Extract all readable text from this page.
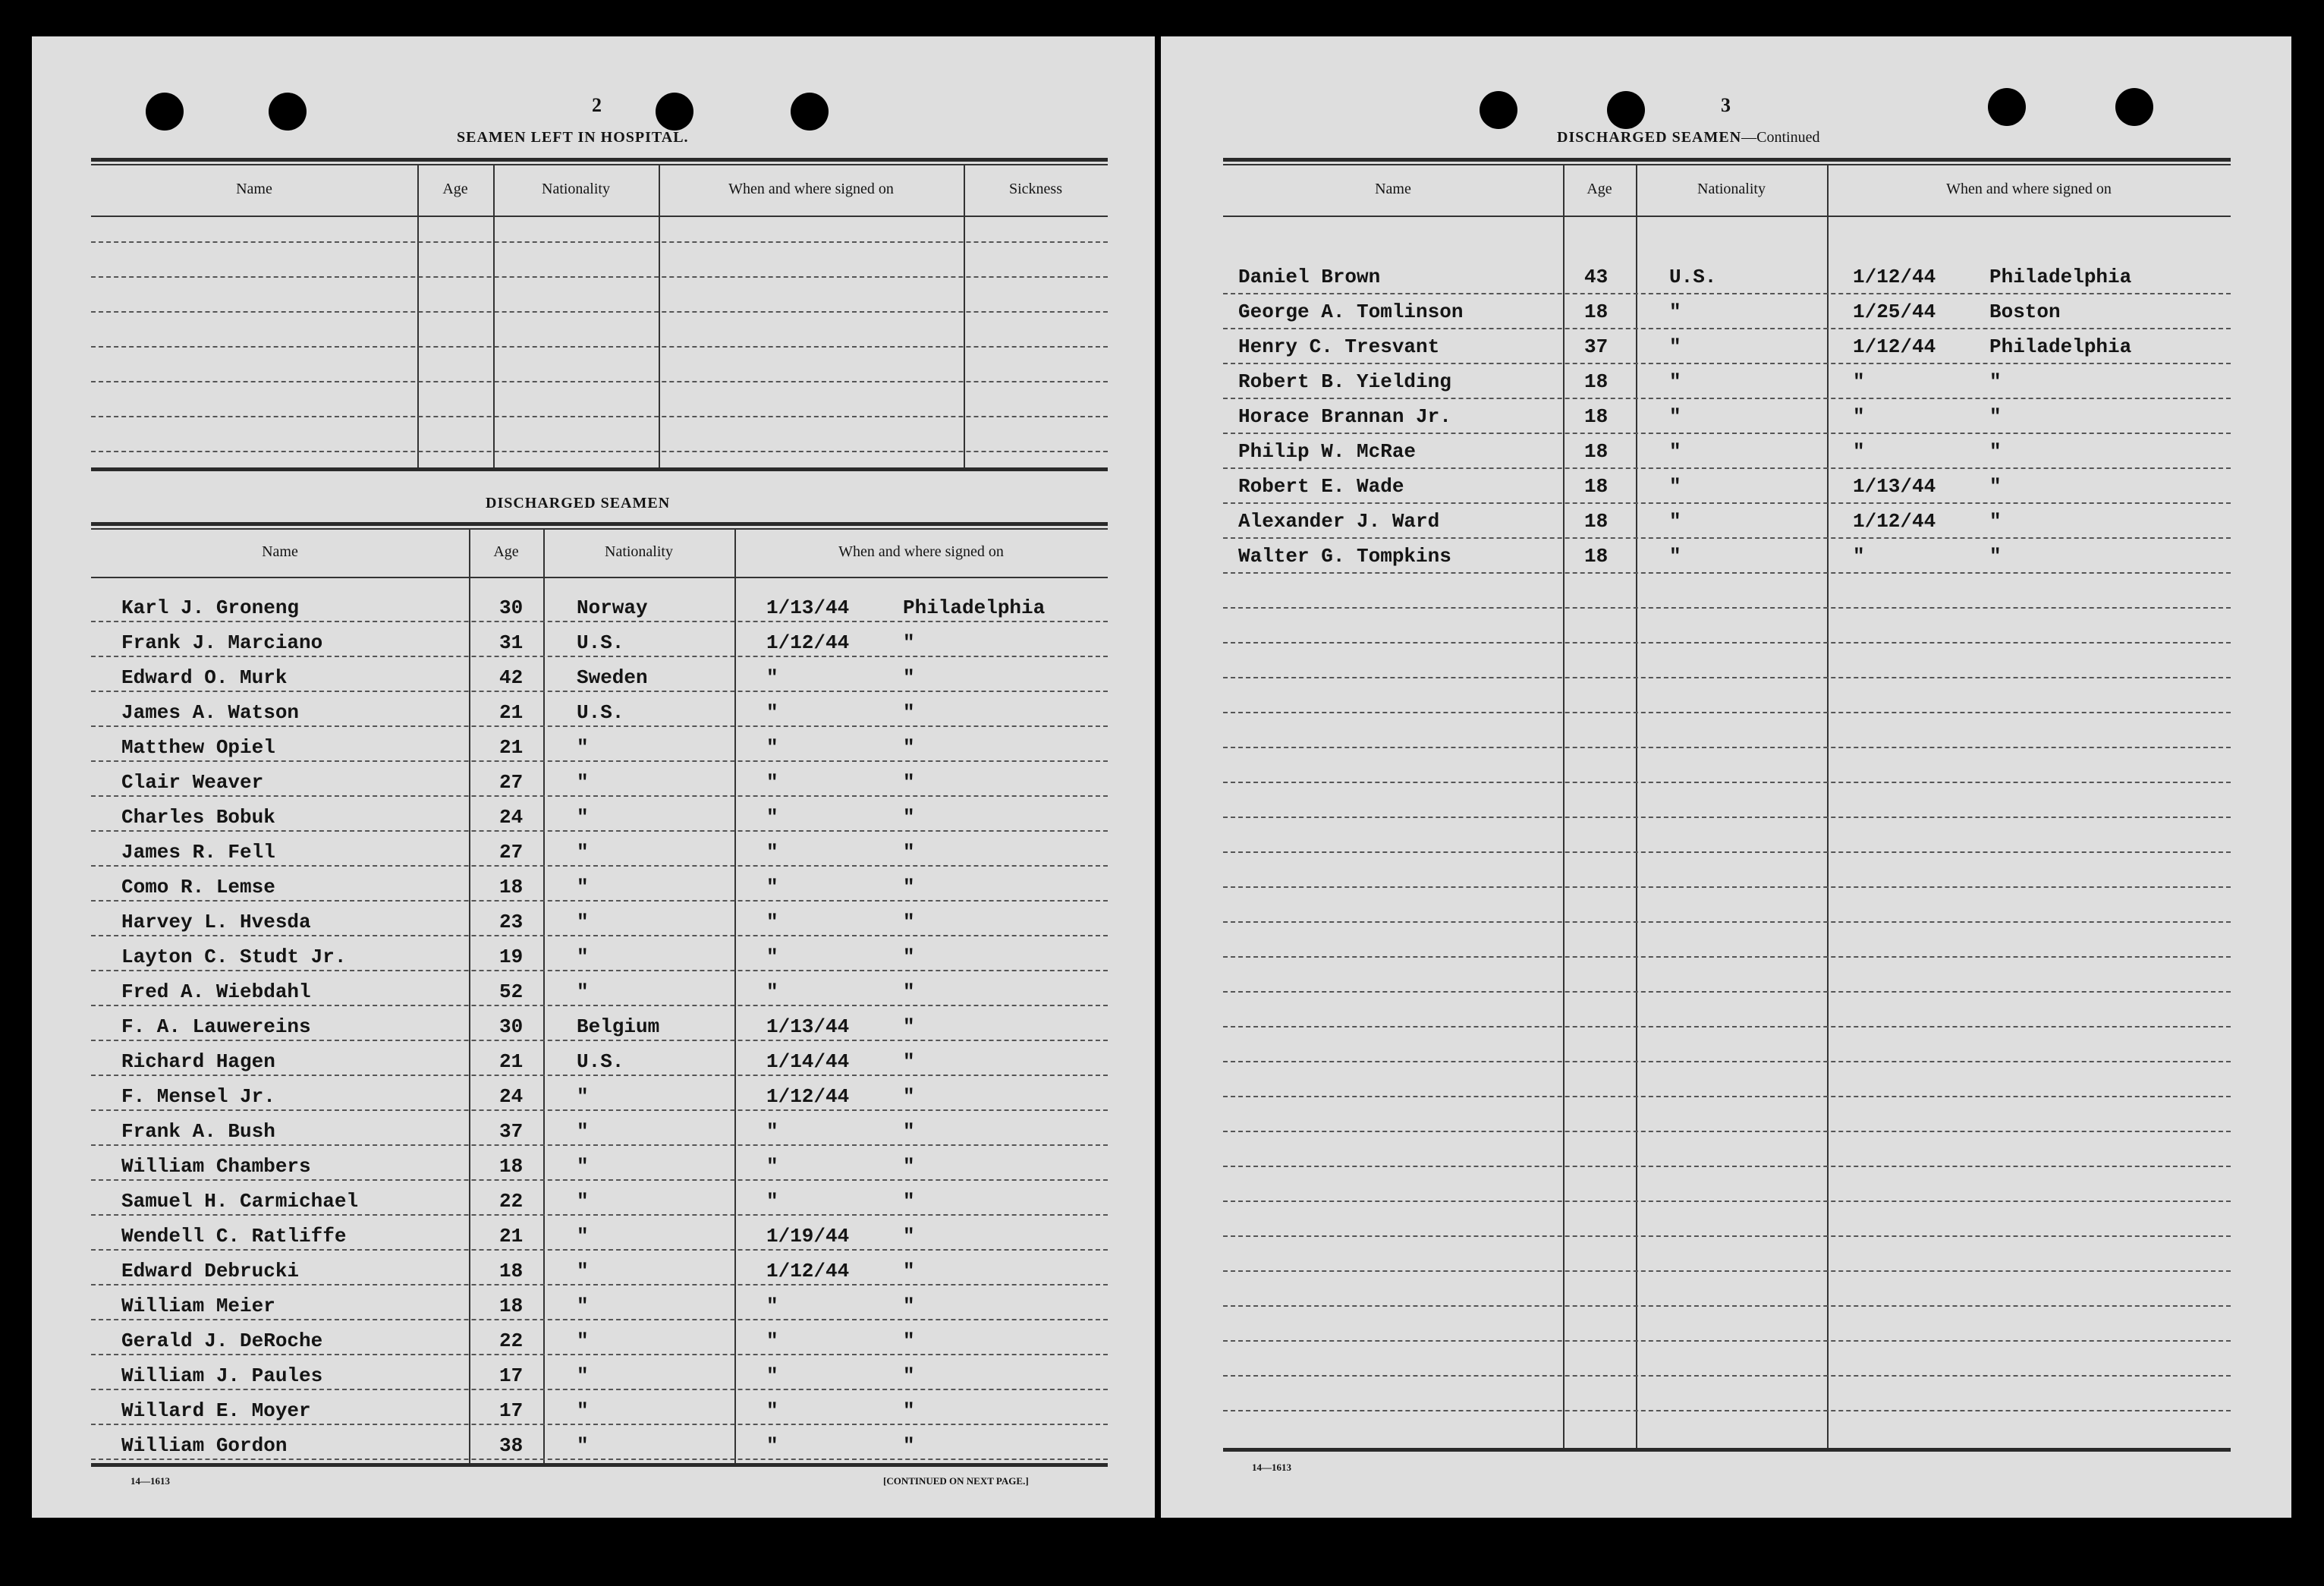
2
SEAMEN LEFT IN HOSPITAL.
Name	Age	Nationality	When and where signed on	Sickness
DISCHARGED SEAMEN
Name	Age	Nationality	When and where signed on
Karl J. Groneng	30	Norway	1/13/44	Philadelphia
Frank J. Marciano	31	U.S.	1/12/44	"
Edward O. Murk	42	Sweden	"	"
James A. Watson	21	U.S.	"	"
Matthew Opiel	21	"	"	"
Clair Weaver	27	"	"	"
Charles Bobuk	24	"	"	"
James R. Fell	27	"	"	"
Como R. Lemse	18	"	"	"
Harvey L. Hvesda	23	"	"	"
Layton C. Studt Jr.	19	"	"	"
Fred A. Wiebdahl	52	"	"	"
F. A. Lauwereins	30	Belgium	1/13/44	"
Richard Hagen	21	U.S.	1/14/44	"
F. Mensel Jr.	24	"	1/12/44	"
Frank A. Bush	37	"	"	"
William Chambers	18	"	"	"
Samuel H. Carmichael	22	"	"	"
Wendell C. Ratliffe	21	"	1/19/44	"
Edward Debrucki	18	"	1/12/44	"
William Meier	18	"	"	"
Gerald J. DeRoche	22	"	"	"
William J. Paules	17	"	"	"
Willard E. Moyer	17	"	"	"
William Gordon	38	"	"	"
14—1613	[CONTINUED ON NEXT PAGE.]
3
DISCHARGED SEAMEN—Continued
Name	Age	Nationality	When and where signed on
Daniel Brown	43	U.S.	1/12/44	Philadelphia
George A. Tomlinson	18	"	1/25/44	Boston
Henry C. Tresvant	37	"	1/12/44	Philadelphia
Robert B. Yielding	18	"	"	"
Horace Brannan Jr.	18	"	"	"
Philip W. McRae	18	"	"	"
Robert E. Wade	18	"	1/13/44	"
Alexander J. Ward	18	"	1/12/44	"
Walter G. Tompkins	18	"	"	"
14—1613
